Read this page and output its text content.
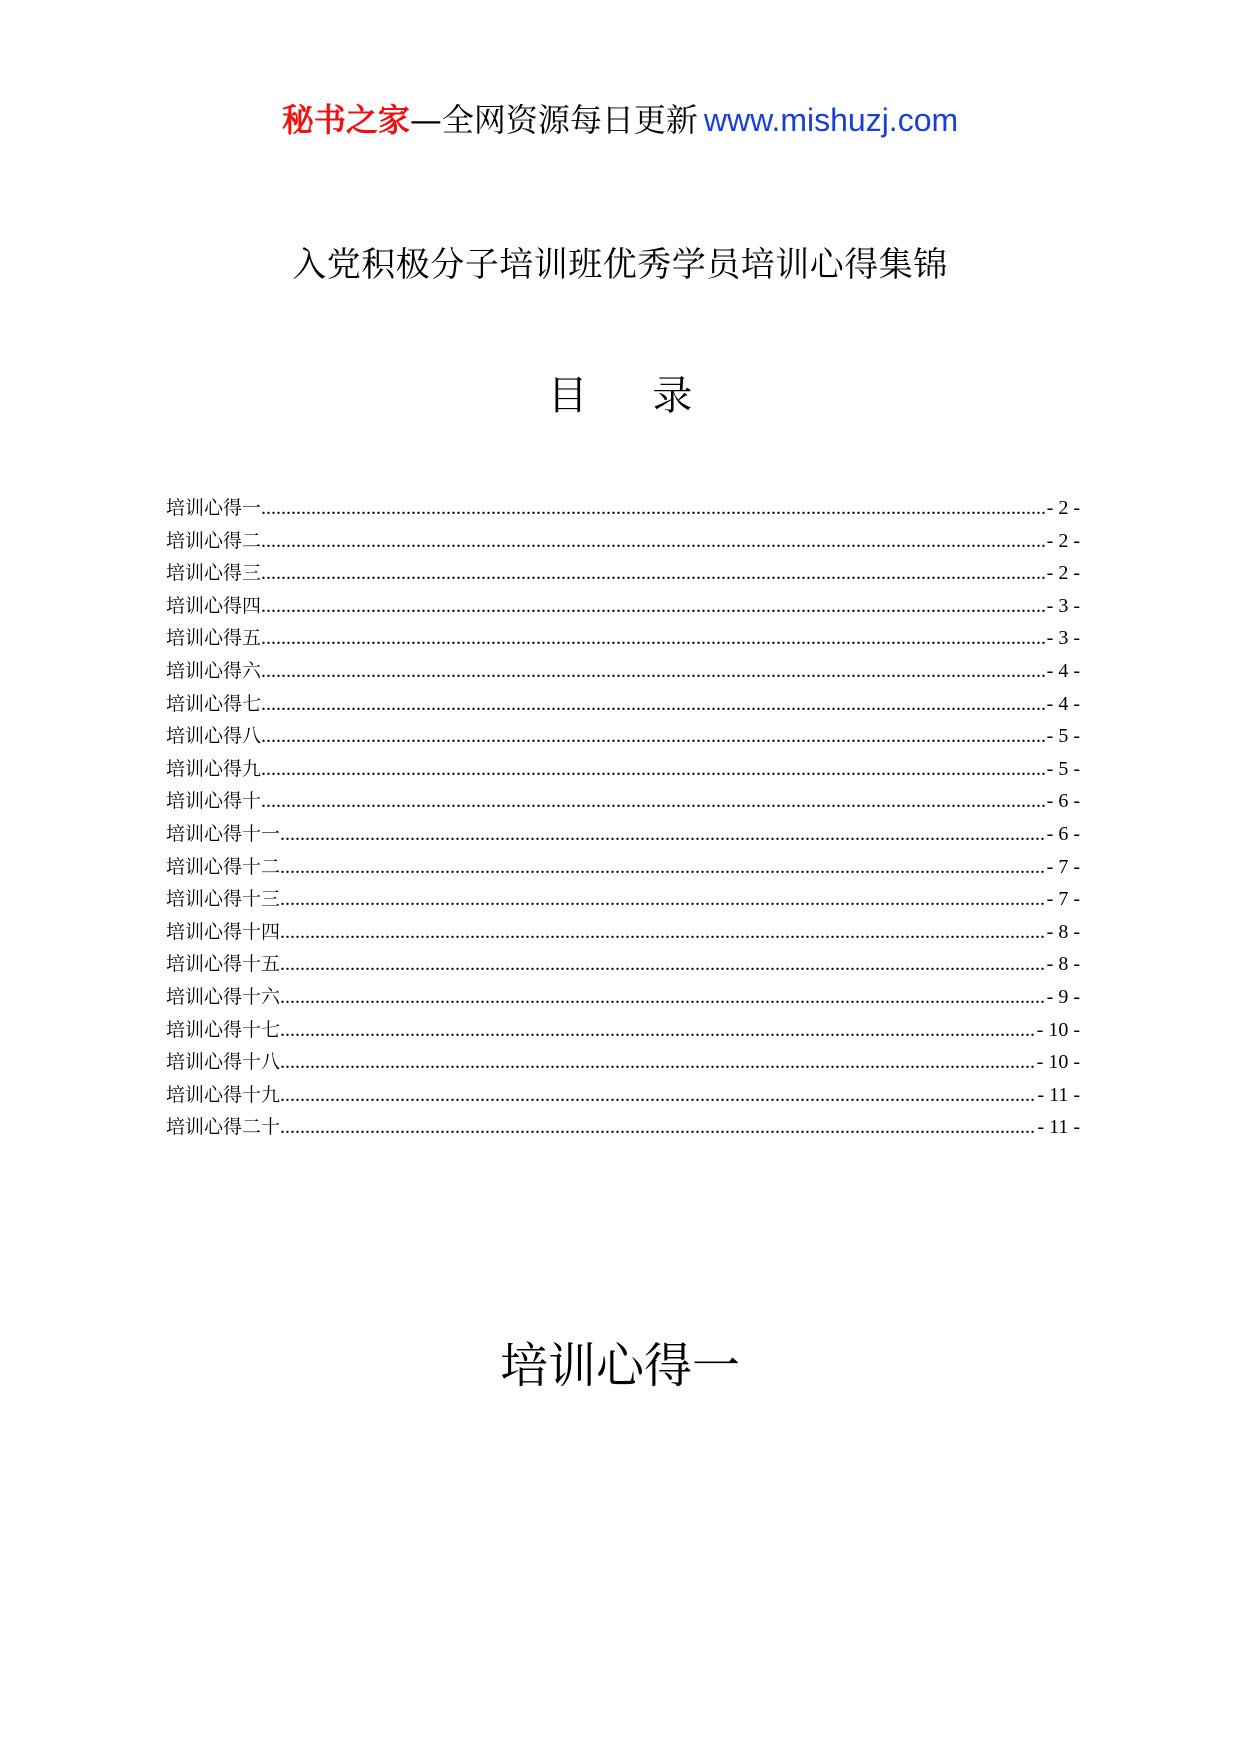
秘书之家—全网资源每日更新 www.mishuzj.com
入党积极分子培训班优秀学员培训心得集锦
目 录
培训心得一 .....	- 2 -
培训心得二 .....	- 2 -
培训心得三 .....	- 2 -
培训心得四 .....	- 3 -
培训心得五 .....	- 3 -
培训心得六 .....	- 4 -
培训心得七 .....	- 4 -
培训心得八 .....	- 5 -
培训心得九 .....	- 5 -
培训心得十 .....	- 6 -
培训心得十一 .....	- 6 -
培训心得十二 .....	- 7 -
培训心得十三 .....	- 7 -
培训心得十四 .....	- 8 -
培训心得十五 .....	- 8 -
培训心得十六 .....	- 9 -
培训心得十七 .....	- 10 -
培训心得十八 .....	- 10 -
培训心得十九 .....	- 11 -
培训心得二十 .....	- 11 -
培训心得一
